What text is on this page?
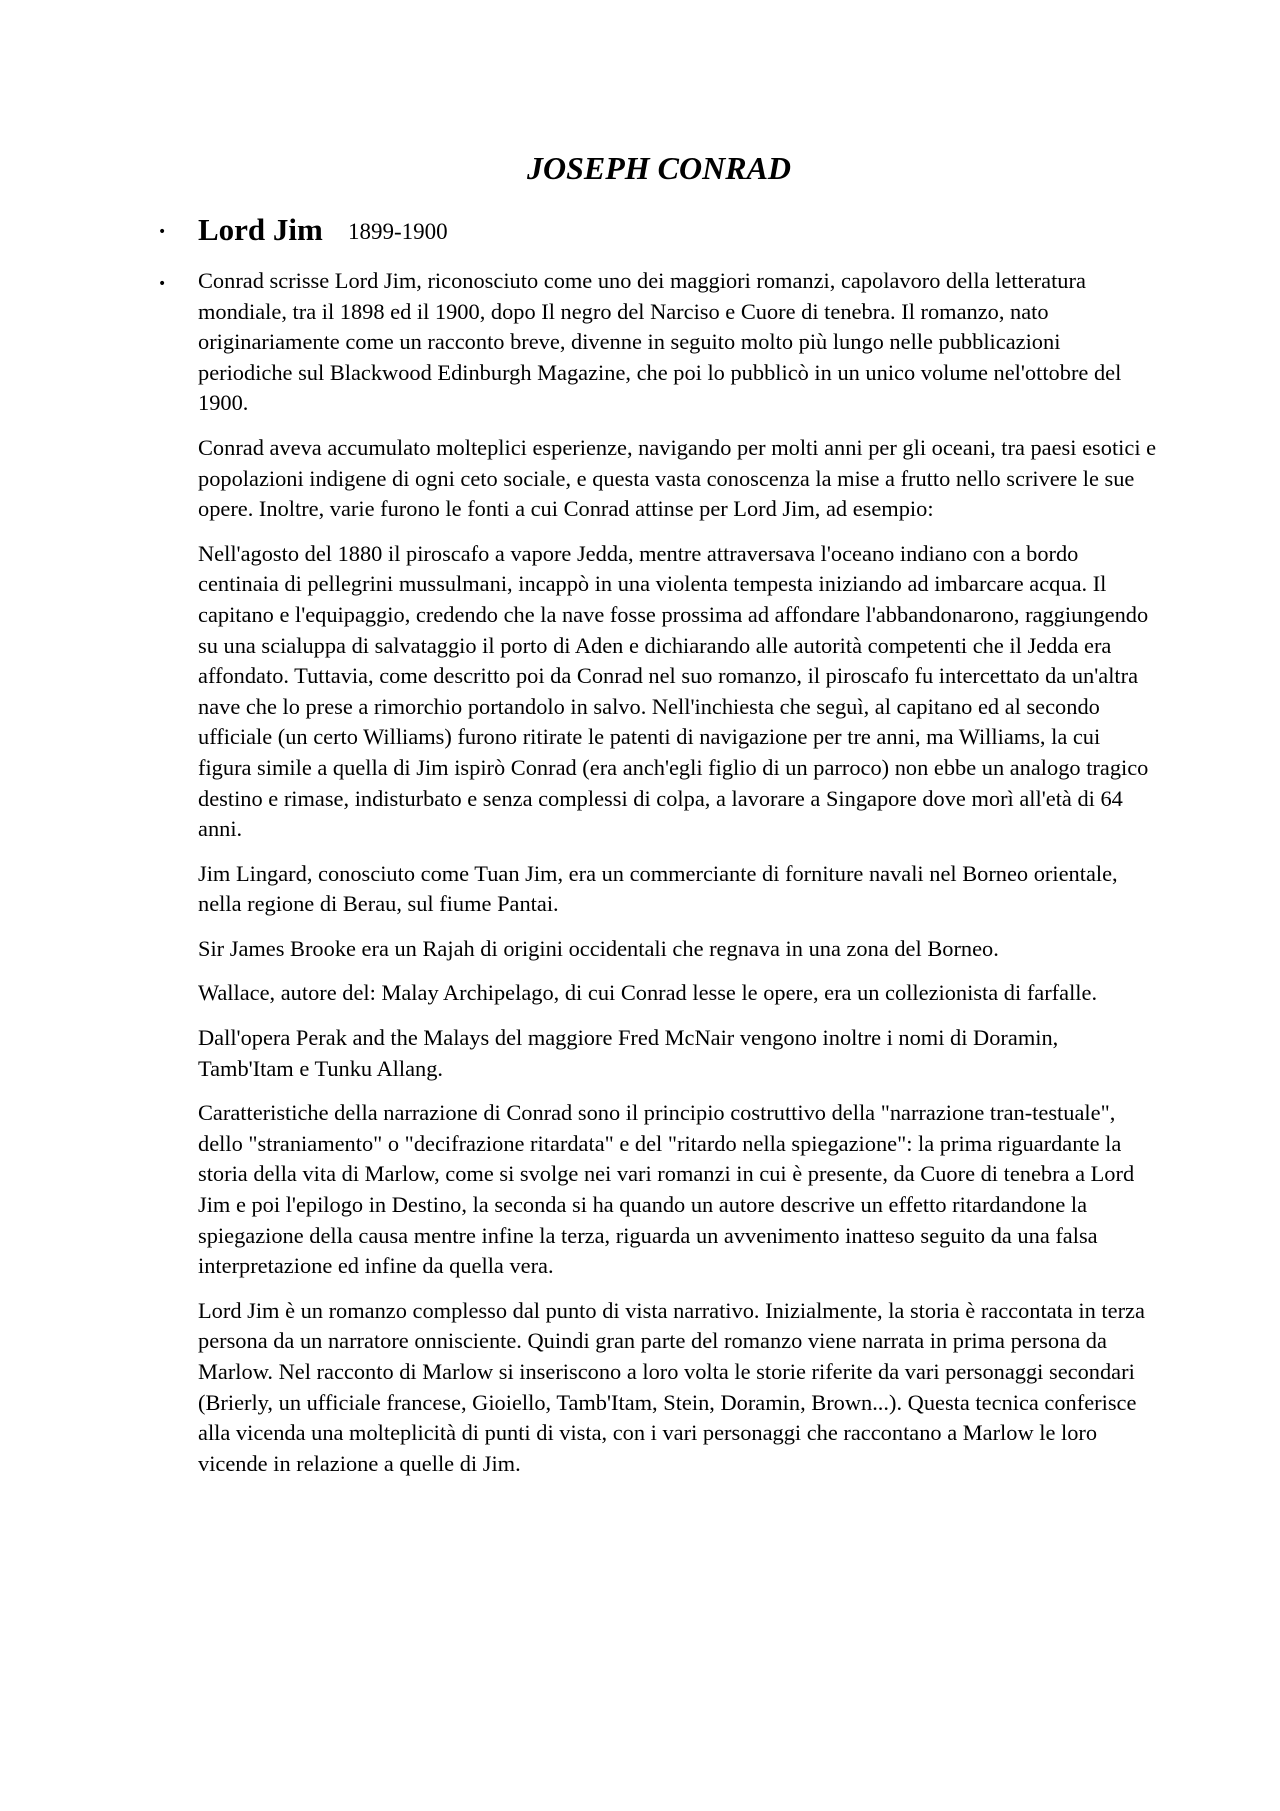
JOSEPH CONRAD
•	Lord Jim 1899-1900
• Conrad scrisse Lord Jim, riconosciuto come uno dei maggiori romanzi, capolavoro della letteratura mondiale, tra il 1898 ed il 1900, dopo Il negro del Narciso e Cuore di tenebra. Il romanzo, nato originariamente come un racconto breve, divenne in seguito molto più lungo nelle pubblicazioni periodiche sul Blackwood Edinburgh Magazine, che poi lo pubblicò in un unico volume nel'ottobre del 1900.

Conrad aveva accumulato molteplici esperienze, navigando per molti anni per gli oceani, tra paesi esotici e popolazioni indigene di ogni ceto sociale, e questa vasta conoscenza la mise a frutto nello scrivere le sue opere. Inoltre, varie furono le fonti a cui Conrad attinse per Lord Jim, ad esempio:

Nell'agosto del 1880 il piroscafo a vapore Jedda, mentre attraversava l'oceano indiano con a bordo centinaia di pellegrini mussulmani, incappò in una violenta tempesta iniziando ad imbarcare acqua. Il capitano e l'equipaggio, credendo che la nave fosse prossima ad affondare l'abbandonarono, raggiungendo su una scialuppa di salvataggio il porto di Aden e dichiarando alle autorità competenti che il Jedda era affondato. Tuttavia, come descritto poi da Conrad nel suo romanzo, il piroscafo fu intercettato da un'altra nave che lo prese a rimorchio portandolo in salvo. Nell'inchiesta che seguì, al capitano ed al secondo ufficiale (un certo Williams) furono ritirate le patenti di navigazione per tre anni, ma Williams, la cui figura simile a quella di Jim ispirò Conrad (era anch'egli figlio di un parroco) non ebbe un analogo tragico destino e rimase, indisturbato e senza complessi di colpa, a lavorare a Singapore dove morì all'età di 64 anni.

Jim Lingard, conosciuto come Tuan Jim, era un commerciante di forniture navali nel Borneo orientale, nella regione di Berau, sul fiume Pantai.

Sir James Brooke era un Rajah di origini occidentali che regnava in una zona del Borneo.

Wallace, autore del: Malay Archipelago, di cui Conrad lesse le opere, era un collezionista di farfalle.

Dall'opera Perak and the Malays del maggiore Fred McNair vengono inoltre i nomi di Doramin, Tamb'Itam e Tunku Allang.

Caratteristiche della narrazione di Conrad sono il principio costruttivo della "narrazione tran-testuale", dello "straniamento" o "decifrazione ritardata" e del "ritardo nella spiegazione": la prima riguardante la storia della vita di Marlow, come si svolge nei vari romanzi in cui è presente, da Cuore di tenebra a Lord Jim e poi l'epilogo in Destino, la seconda si ha quando un autore descrive un effetto ritardandone la spiegazione della causa mentre infine la terza, riguarda un avvenimento inatteso seguito da una falsa interpretazione ed infine da quella vera.

Lord Jim è un romanzo complesso dal punto di vista narrativo. Inizialmente, la storia è raccontata in terza persona da un narratore onnisciente. Quindi gran parte del romanzo viene narrata in prima persona da Marlow. Nel racconto di Marlow si inseriscono a loro volta le storie riferite da vari personaggi secondari (Brierly, un ufficiale francese, Gioiello, Tamb'Itam, Stein, Doramin, Brown...). Questa tecnica conferisce alla vicenda una molteplicità di punti di vista, con i vari personaggi che raccontano a Marlow le loro vicende in relazione a quelle di Jim.
